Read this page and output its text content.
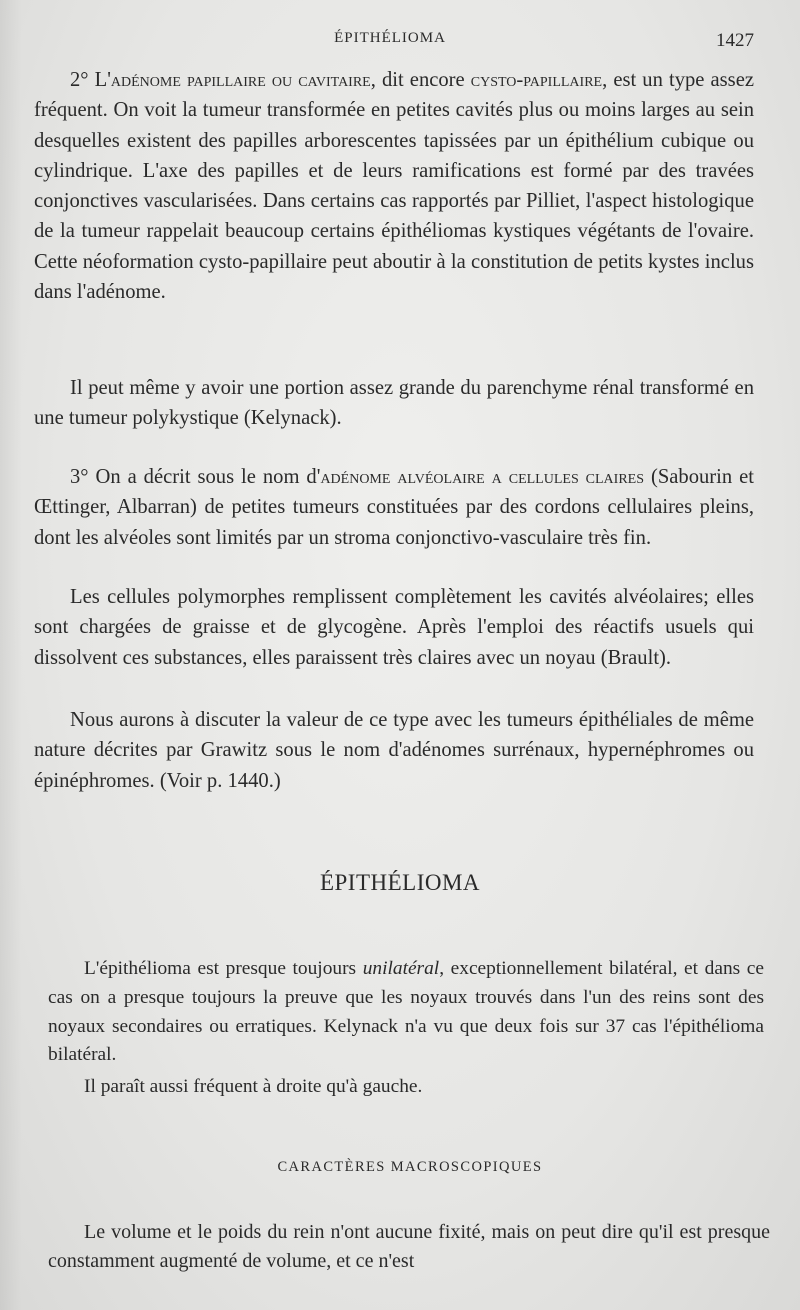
ÉPITHÉLIOMA	1427
2° L'adénome papillaire ou cavitaire, dit encore cysto-papillaire, est un type assez fréquent. On voit la tumeur transformée en petites cavités plus ou moins larges au sein desquelles existent des papilles arborescentes tapissées par un épithélium cubique ou cylindrique. L'axe des papilles et de leurs ramifications est formé par des travées conjonctives vascularisées. Dans certains cas rapportés par Pilliet, l'aspect histologique de la tumeur rappelait beaucoup certains épithéliomas kystiques végétants de l'ovaire. Cette néoformation cysto-papillaire peut aboutir à la constitution de petits kystes inclus dans l'adénome.
Il peut même y avoir une portion assez grande du parenchyme rénal transformé en une tumeur polykystique (Kelynack).
3° On a décrit sous le nom d'adénome alvéolaire a cellules claires (Sabourin et Œttinger, Albarran) de petites tumeurs constituées par des cordons cellulaires pleins, dont les alvéoles sont limités par un stroma conjonctivo-vasculaire très fin.
Les cellules polymorphes remplissent complètement les cavités alvéolaires; elles sont chargées de graisse et de glycogène. Après l'emploi des réactifs usuels qui dissolvent ces substances, elles paraissent très claires avec un noyau (Brault).
Nous aurons à discuter la valeur de ce type avec les tumeurs épithéliales de même nature décrites par Grawitz sous le nom d'adénomes surrénaux, hypernéphromes ou épinéphromes. (Voir p. 1440.)
ÉPITHÉLIOMA
L'épithélioma est presque toujours unilatéral, exceptionnellement bilatéral, et dans ce cas on a presque toujours la preuve que les noyaux trouvés dans l'un des reins sont des noyaux secondaires ou erratiques. Kelynack n'a vu que deux fois sur 37 cas l'épithélioma bilatéral.
Il paraît aussi fréquent à droite qu'à gauche.
CARACTÈRES MACROSCOPIQUES
Le volume et le poids du rein n'ont aucune fixité, mais on peut dire qu'il est presque constamment augmenté de volume, et ce n'est
